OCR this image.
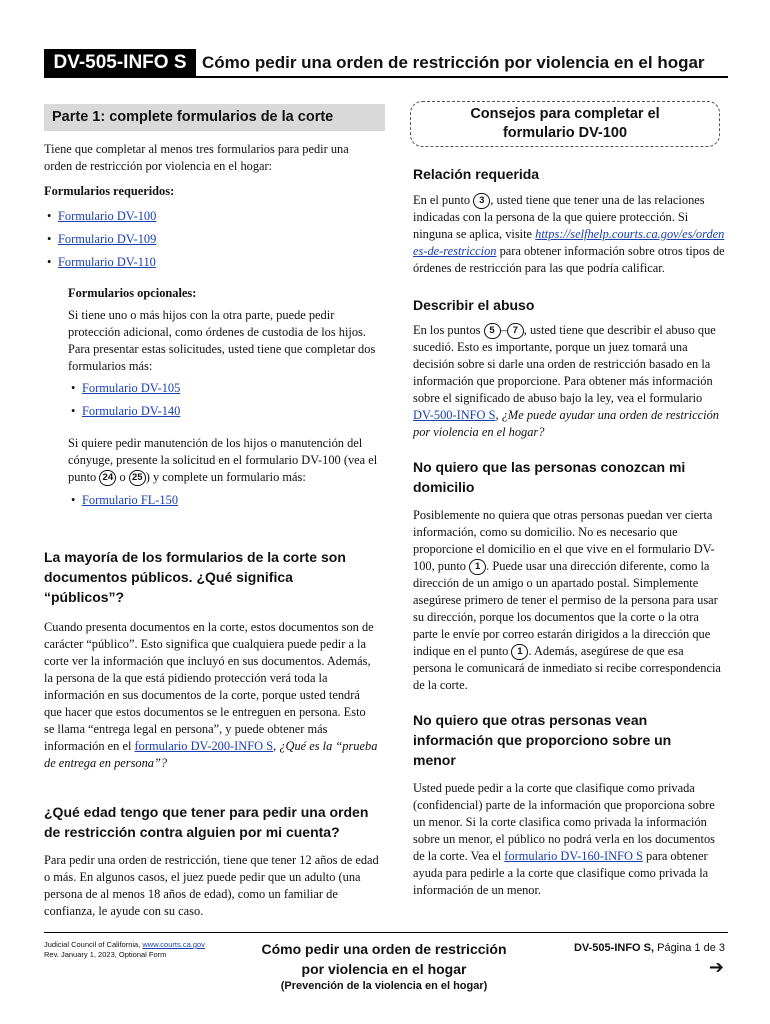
DV-505-INFO S Cómo pedir una orden de restricción por violencia en el hogar
Parte 1: complete formularios de la corte
Tiene que completar al menos tres formularios para pedir una orden de restricción por violencia en el hogar:
Formularios requeridos:
• Formulario DV-100
• Formulario DV-109
• Formulario DV-110
Formularios opcionales:
Si tiene uno o más hijos con la otra parte, puede pedir protección adicional, como órdenes de custodia de los hijos. Para presentar estas solicitudes, usted tiene que completar dos formularios más:
• Formulario DV-105
• Formulario DV-140
Si quiere pedir manutención de los hijos o manutención del cónyuge, presente la solicitud en el formulario DV-100 (vea el punto 24 o 25 ) y complete un formulario más:
• Formulario FL-150
La mayoría de los formularios de la corte son documentos públicos. ¿Qué significa “públicos”?
Cuando presenta documentos en la corte, estos documentos son de carácter “público”. Esto significa que cualquiera puede pedir a la corte ver la información que incluyó en sus documentos. Además, la persona de la que está pidiendo protección verá toda la información en sus documentos de la corte, porque usted tendrá que hacer que estos documentos se le entreguen en persona. Esto se llama “entrega legal en persona”, y puede obtener más información en el formulario DV-200-INFO S, ¿Qué es la “prueba de entrega en persona”?
¿Qué edad tengo que tener para pedir una orden de restricción contra alguien por mi cuenta?
Para pedir una orden de restricción, tiene que tener 12 años de edad o más. En algunos casos, el juez puede pedir que un adulto (una persona de al menos 18 años de edad), como un familiar de confianza, le ayude con su caso.
Consejos para completar el formulario DV-100
Relación requerida
En el punto 3 , usted tiene que tener una de las relaciones indicadas con la persona de la que quiere protección. Si ninguna se aplica, visite https://selfhelp.courts.ca.gov/es/ordenes-de-restriccion para obtener información sobre otros tipos de órdenes de restricción para las que podría calificar.
Describir el abuso
En los puntos 5 – 7 , usted tiene que describir el abuso que sucedió. Esto es importante, porque un juez tomará una decisión sobre si darle una orden de restricción basado en la información que proporcione. Para obtener más información sobre el significado de abuso bajo la ley, vea el formulario DV-500-INFO S, ¿Me puede ayudar una orden de restricción por violencia en el hogar?
No quiero que las personas conozcan mi domicilio
Posiblemente no quiera que otras personas puedan ver cierta información, como su domicilio. No es necesario que proporcione el domicilio en el que vive en el formulario DV-100, punto 1 . Puede usar una dirección diferente, como la dirección de un amigo o un apartado postal. Simplemente asegúrese primero de tener el permiso de la persona para usar su dirección, porque los documentos que la corte o la otra parte le envíe por correo estarán dirigidos a la dirección que indique en el punto 1 . Además, asegúrese de que esa persona le comunicará de inmediato si recibe correspondencia de la corte.
No quiero que otras personas vean información que proporciono sobre un menor
Usted puede pedir a la corte que clasifique como privada (confidencial) parte de la información que proporciona sobre un menor. Si la corte clasifica como privada la información sobre un menor, el público no podrá verla en los documentos de la corte. Vea el formulario DV-160-INFO S para obtener ayuda para pedirle a la corte que clasifique como privada la información de un menor.
Judicial Council of California, www.courts.ca.gov
Rev. January 1, 2023, Optional Form	Cómo pedir una orden de restricción
por violencia en el hogar
(Prevención de la violencia en el hogar)
DV-505-INFO S, Página 1 de 3
➔
